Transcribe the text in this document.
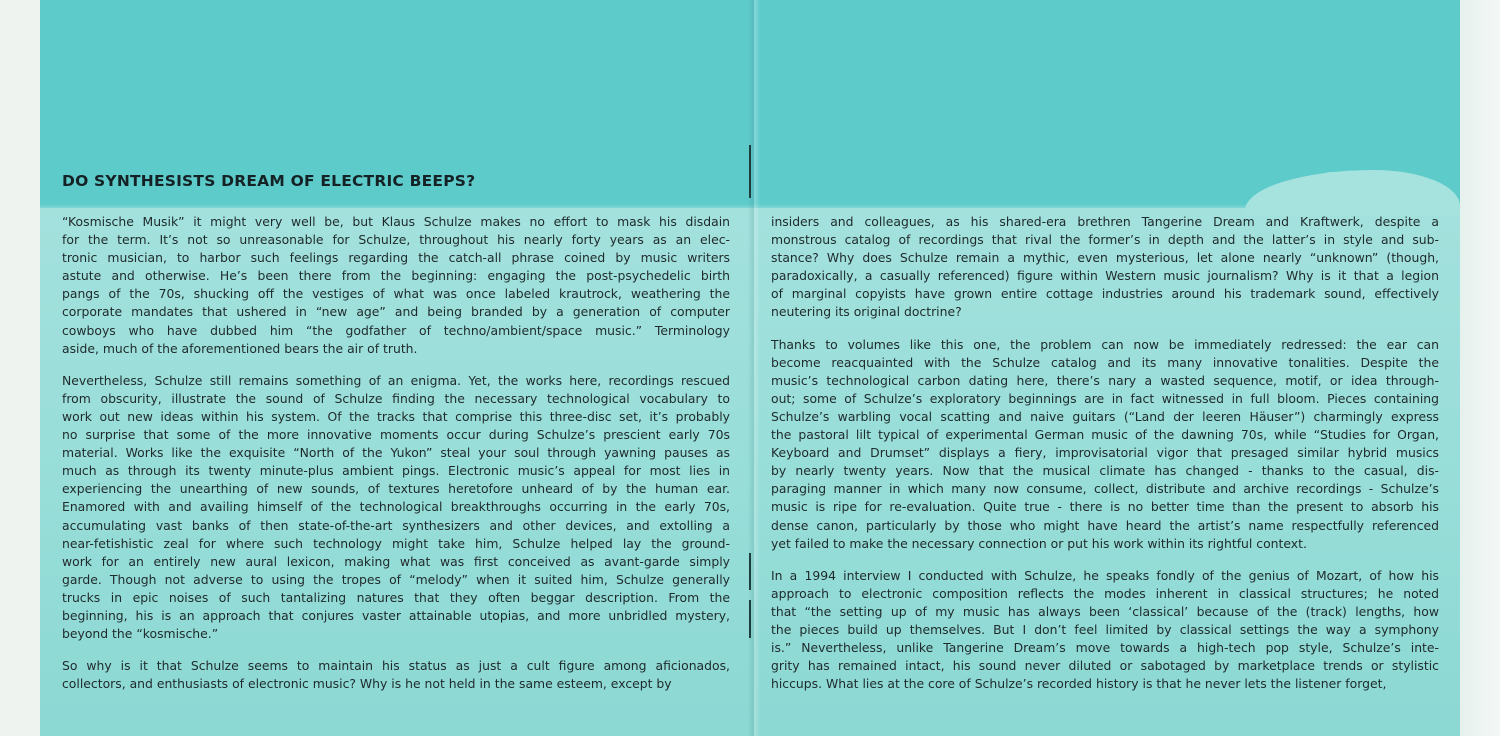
DO SYNTHESISTS DREAM OF ELECTRIC BEEPS?

“Kosmische Musik” it might very well be, but Klaus Schulze makes no effort to mask his disdain
for the term. It’s not so unreasonable for Schulze, throughout his nearly forty years as an elec-
tronic musician, to harbor such feelings regarding the catch-all phrase coined by music writers
astute and otherwise. He’s been there from the beginning: engaging the post-psychedelic birth
pangs of the 70s, shucking off the vestiges of what was once labeled krautrock, weathering the
corporate mandates that ushered in “new age” and being branded by a generation of computer
cowboys who have dubbed him “the godfather of techno/ambient/space music.” Terminology
aside, much of the aforementioned bears the air of truth.

Nevertheless, Schulze still remains something of an enigma. Yet, the works here, recordings rescued
from obscurity, illustrate the sound of Schulze finding the necessary technological vocabulary to
work out new ideas within his system. Of the tracks that comprise this three-disc set, it’s probably
no surprise that some of the more innovative moments occur during Schulze’s prescient early 70s
material. Works like the exquisite “North of the Yukon” steal your soul through yawning pauses as
much as through its twenty minute-plus ambient pings. Electronic music’s appeal for most lies in
experiencing the unearthing of new sounds, of textures heretofore unheard of by the human ear.
Enamored with and availing himself of the technological breakthroughs occurring in the early 70s,
accumulating vast banks of then state-of-the-art synthesizers and other devices, and extolling a
near-fetishistic zeal for where such technology might take him, Schulze helped lay the ground-
work for an entirely new aural lexicon, making what was first conceived as avant-garde simply
garde. Though not adverse to using the tropes of “melody” when it suited him, Schulze generally
trucks in epic noises of such tantalizing natures that they often beggar description. From the
beginning, his is an approach that conjures vaster attainable utopias, and more unbridled mystery,
beyond the “kosmische.”

So why is it that Schulze seems to maintain his status as just a cult figure among aficionados,
collectors, and enthusiasts of electronic music? Why is he not held in the same esteem, except by

insiders and colleagues, as his shared-era brethren Tangerine Dream and Kraftwerk, despite a
monstrous catalog of recordings that rival the former’s in depth and the latter’s in style and sub-
stance? Why does Schulze remain a mythic, even mysterious, let alone nearly “unknown” (though,
paradoxically, a casually referenced) figure within Western music journalism? Why is it that a legion
of marginal copyists have grown entire cottage industries around his trademark sound, effectively
neutering its original doctrine?

Thanks to volumes like this one, the problem can now be immediately redressed: the ear can
become reacquainted with the Schulze catalog and its many innovative tonalities. Despite the
music’s technological carbon dating here, there’s nary a wasted sequence, motif, or idea through-
out; some of Schulze’s exploratory beginnings are in fact witnessed in full bloom. Pieces containing
Schulze’s warbling vocal scatting and naive guitars (“Land der leeren Häuser”) charmingly express
the pastoral lilt typical of experimental German music of the dawning 70s, while “Studies for Organ,
Keyboard and Drumset” displays a fiery, improvisatorial vigor that presaged similar hybrid musics
by nearly twenty years. Now that the musical climate has changed - thanks to the casual, dis-
paraging manner in which many now consume, collect, distribute and archive recordings - Schulze’s
music is ripe for re-evaluation. Quite true - there is no better time than the present to absorb his
dense canon, particularly by those who might have heard the artist’s name respectfully referenced
yet failed to make the necessary connection or put his work within its rightful context.

In a 1994 interview I conducted with Schulze, he speaks fondly of the genius of Mozart, of how his
approach to electronic composition reflects the modes inherent in classical structures; he noted
that “the setting up of my music has always been ‘classical’ because of the (track) lengths, how
the pieces build up themselves. But I don’t feel limited by classical settings the way a symphony
is.” Nevertheless, unlike Tangerine Dream’s move towards a high-tech pop style, Schulze’s inte-
grity has remained intact, his sound never diluted or sabotaged by marketplace trends or stylistic
hiccups. What lies at the core of Schulze’s recorded history is that he never lets the listener forget,
